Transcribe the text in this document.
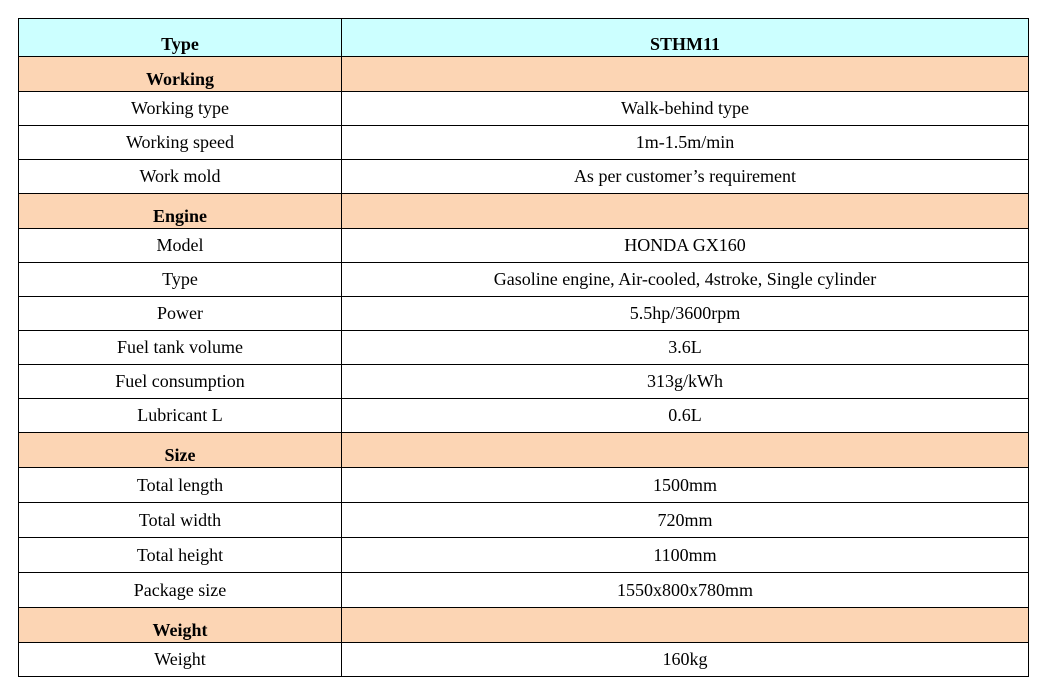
Type	STHM11
Working	
Working type	Walk-behind type
Working speed	1m-1.5m/min
Work mold	As per customer’s requirement
Engine	
Model	HONDA GX160
Type	Gasoline engine, Air-cooled, 4stroke, Single cylinder
Power	5.5hp/3600rpm
Fuel tank volume	3.6L
Fuel consumption	313g/kWh
Lubricant L	0.6L
Size	
Total length	1500mm
Total width	720mm
Total height	1100mm
Package size	1550x800x780mm
Weight	
Weight	160kg
